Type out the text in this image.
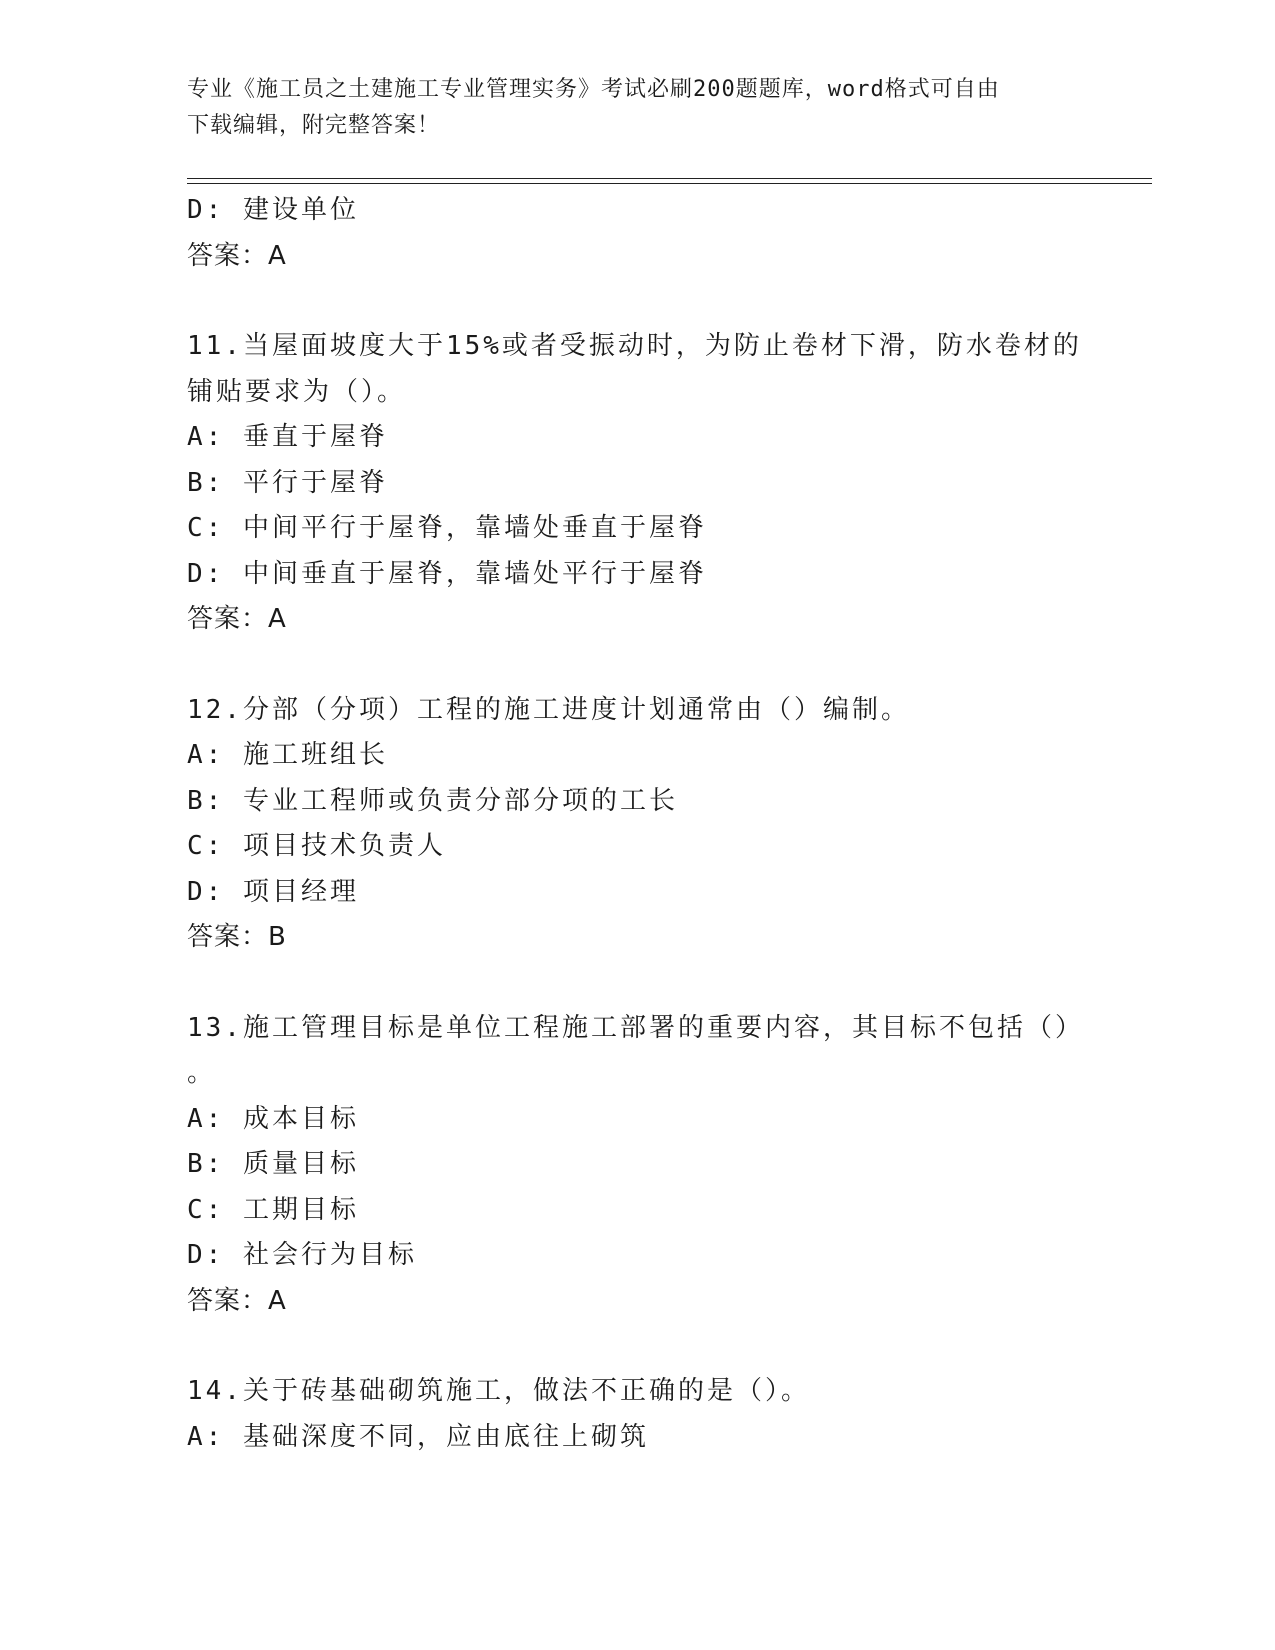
专业《施工员之土建施工专业管理实务》考试必刷200题题库，word格式可自由
下载编辑，附完整答案！
D: 建设单位
答案：A
11.当屋面坡度大于15%或者受振动时，为防止卷材下滑，防水卷材的
铺贴要求为（）。
A: 垂直于屋脊
B: 平行于屋脊
C: 中间平行于屋脊，靠墙处垂直于屋脊
D: 中间垂直于屋脊，靠墙处平行于屋脊
答案：A
12.分部（分项）工程的施工进度计划通常由（）编制。
A: 施工班组长
B: 专业工程师或负责分部分项的工长
C: 项目技术负责人
D: 项目经理
答案：B
13.施工管理目标是单位工程施工部署的重要内容，其目标不包括（）
。
A: 成本目标
B: 质量目标
C: 工期目标
D: 社会行为目标
答案：A
14.关于砖基础砌筑施工，做法不正确的是（）。
A: 基础深度不同，应由底往上砌筑
